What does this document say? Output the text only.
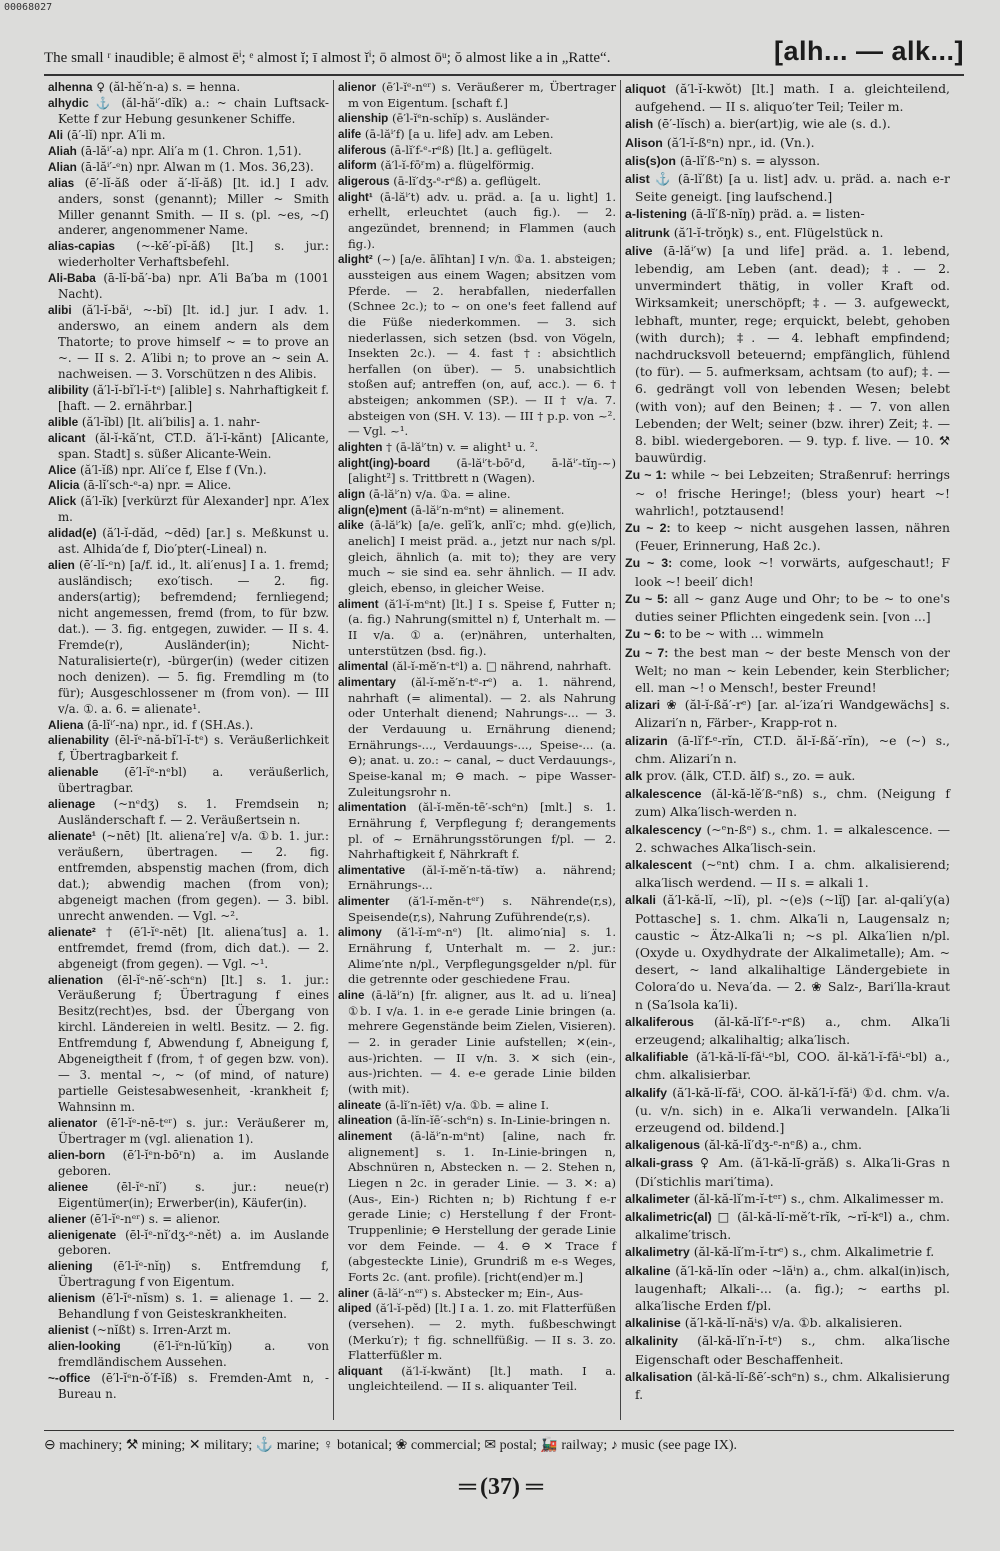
00068027
The small ʳ inaudible; ē almost ēⁱ; ᵉ almost ĭ; ī almost ĭⁱ; ō almost ōᵘ; ŏ almost like a in „Ratte“.	[alh... — alk...]

alhenna ♀ (ăl-hĕ′n-a) s. = henna.

alhydic ⚓ (ăl-hăⁱ′-dĭk) a.: ~ chain Luftsack-Kette f zur Hebung gesunkener Schiffe.

Ali (ā′-lĭ) npr. A′li m.

Aliah (ā-lăⁱ′-a) npr. Ali′a m (1. Chron. 1,51).

Alian (ā-lăⁱ′-ᵉn) npr. Alwan m (1. Mos. 36,23).

alias (ē′-lĭ-ăß oder ă′-lĭ-ăß) [lt. id.] I adv. anders, sonst (genannt); Miller ~ Smith Miller genannt Smith. — II s. (pl. ~es, ~ſ) anderer, angenommener Name.

alias-capias (~-kē′-pĭ-ăß) [lt.] s. jur.: wiederholter Verhaftsbefehl.

Ali-Baba (ā-lĭ-bă′-ba) npr. A′li Ba′ba m (1001 Nacht).

alibi (ă′l-ĭ-băⁱ, ~-bĭ) [lt. id.] jur. I adv. 1. anderswo, an einem andern als dem Thatorte; to prove himself ~ = to prove an ~. — II s. 2. A′libi n; to prove an ~ sein A. nachweisen. — 3. Vorschützen n des Alibis.

alibility (ă′l-ĭ-bĭ′l-ĭ-tᵉ) [alible] s. Nahrhaftigkeit f. [haft. — 2. ernährbar.]

alible (ă′l-ĭbl) [lt. ali′bilis] a. 1. nahr-

alicant (ăl-ĭ-kă′nt, CT.D. ă′l-ĭ-kănt) [Alicante, span. Stadt] s. süßer Alicante-Wein.

Alice (ă′l-ĭß) npr. Ali′ce f, Else f (Vn.).

Alicia (ā-lĭ′sch-ᵉ-a) npr. = Alice.

Alick (ă′l-ĭk) [verkürzt für Alexander] npr. A′lex m.

alidad(e) (ă′l-ĭ-dăd, ~dēd) [ar.] s. Meßkunst u. ast. Alhida′de f, Dio′pter(-Lineal) n.

alien (ē′-lĭ-ᵉn) [a/f. id., lt. ali′enus] I a. 1. fremd; ausländisch; exo′tisch. — 2. fig. anders(artig); befremdend; fernliegend; nicht angemessen, fremd (from, to für bzw. dat.). — 3. fig. entgegen, zuwider. — II s. 4. Fremde(r), Ausländer(in); Nicht-Naturalisierte(r), -bürger(in) (weder citizen noch denizen). — 5. fig. Fremdling m (to für); Ausgeschlossener m (from von). — III v/a. ①. a. 6. = alienate¹.

Aliena (ā-lĭⁱ′-na) npr., id. f (SH.As.).

alienability (ēl-ĭᵉ-nă-bĭ′l-ĭ-tᵉ) s. Veräußerlichkeit f, Übertragbarkeit f.

alienable (ē′l-ĭᵉ-nᵉbl) a. veräußerlich, übertragbar.

alienage (~nᵉdʒ) s. 1. Fremdsein n; Ausländerschaft f. — 2. Veräußertsein n.

alienate¹ (~nēt) [lt. aliena′re] v/a. ①b. 1. jur.: veräußern, übertragen. — 2. fig. entfremden, abspenstig machen (from, dich dat.); abwendig machen (from von); abgeneigt machen (from gegen). — 3. bibl. unrecht anwenden. — Vgl. ~².

alienate² † (ē′l-ĭᵉ-nēt) [lt. aliena′tus] a. 1. entfremdet, fremd (from, dich dat.). — 2. abgeneigt (from gegen). — Vgl. ~¹.

alienation (ēl-ĭᵉ-nē′-schᵉn) [lt.] s. 1. jur.: Veräußerung f; Übertragung f eines Besitz(recht)es, bsd. der Übergang von kirchl. Ländereien in weltl. Besitz. — 2. fig. Entfremdung f, Abwendung f, Abneigung f, Abgeneigtheit f (from, † of gegen bzw. von). — 3. mental ~, ~ (of mind, of nature) partielle Geistesabwesenheit, -krankheit f; Wahnsinn m.

alienator (ē′l-ĭᵉ-nē-tᵉʳ) s. jur.: Veräußerer m, Übertrager m (vgl. alienation 1).

alien-born (ē′l-ĭᵉn-bōʳn) a. im Auslande geboren.

alienee (ēl-ĭᵉ-nĭ′) s. jur.: neue(r) Eigentümer(in); Erwerber(in), Käufer(in).

aliener (ē′l-ĭᵉ-nᵉʳ) s. = alienor.

alienigenate (ēl-ĭᵉ-nĭ′dʒ-ᵉ-nĕt) a. im Auslande geboren.

aliening (ē′l-ĭᵉ-nĭŋ) s. Entfremdung f, Übertragung f von Eigentum.

alienism (ē′l-ĭᵉ-nĭsm) s. 1. = alienage 1. — 2. Behandlung f von Geisteskrankheiten.

alienist (~nĭßt) s. Irren-Arzt m.

alien-looking	(ē′l-ĭᵉn-lŭ′kĭŋ) a. von fremdländischem Aussehen.

~-office (ē′l-ĭᵉn-ŏ′f-ĭß) s. Fremden-Amt n, -Bureau n.

alienor (ē′l-ĭᵉ-nᵉʳ) s. Veräußerer m, Übertrager m von Eigentum. [schaft f.]

alienship (ē′l-ĭᵉn-schĭp) s. Ausländer-

alife (ā-lăⁱ′f) [a u. life] adv. am Leben.

aliferous (ā-lĭ′f-ᵉ-rᵉß) [lt.] a. geflügelt.

aliform (ă′l-ĭ-fōʳm) a. flügelförmig.

aligerous (ā-lĭ′dʒ-ᵉ-rᵉß) a. geflügelt.

alight¹ (ā-lăⁱ′t) adv. u. präd. a. [a u. light] 1. erhellt, erleuchtet (auch fig.). — 2. angezündet, brennend; in Flammen (auch fig.).

alight² (~) [a/e. ālīhtan] I v/n. ①a. 1. absteigen; aussteigen aus einem Wagen; absitzen vom Pferde. — 2. herabfallen, niederfallen (Schnee 2c.); to ~ on one's feet fallend auf die Füße niederkommen. — 3. sich niederlassen, sich setzen (bsd. von Vögeln, Insekten 2c.). — 4. fast †: absichtlich herfallen (on über). — 5. unabsichtlich stoßen auf; antreffen (on, auf, acc.). — 6. † absteigen; ankommen (SP.). — II † v/a. 7. absteigen von (SH. V. 13). — III † p.p. von ~². — Vgl. ~¹.

alighten † (ā-lăⁱ′tn) v. = alight¹ u. ².

alight(ing)-board (ā-lăⁱ′t-bōʳd, ā-lăⁱ′-tĭŋ-~) [alight²] s. Trittbrett n (Wagen).

align (ā-lăⁱ′n) v/a. ①a. = aline.

align(e)ment (ā-lăⁱ′n-mᵉnt) = alinement.

alike (ā-lăⁱ′k) [a/e. gelī′k, anlī′c; mhd. g(e)lich, anelich] I meist präd. a., jetzt nur nach s/pl. gleich, ähnlich (a. mit to); they are very much ~ sie sind ea. sehr ähnlich. — II adv. gleich, ebenso, in gleicher Weise.

aliment (ă′l-ĭ-mᵉnt) [lt.] I s. Speise f, Futter n; (a. fig.) Nahrung(smittel n) f, Unterhalt m. — II v/a. ①a. (er)nähren, unterhalten, unterstützen (bsd. fig.).

alimental (ăl-ĭ-mĕ′n-tᵉl) a. □ nährend, nahrhaft.

alimentary (ăl-ĭ-mĕ′n-tᵉ-rᵉ) a. 1. nährend, nahrhaft (= alimental). — 2. als Nahrung oder Unterhalt dienend; Nahrungs-... — 3. der Verdauung u. Ernährung dienend; Ernährungs-..., Verdauungs-..., Speise-... (a. ⊖); anat. u. zo.: ~ canal, ~ duct Verdauungs-, Speise-kanal m; ⊖ mach. ~ pipe Wasser-Zuleitungsrohr n.

alimentation (ăl-ĭ-mĕn-tē′-schᵉn) [mlt.] s. 1. Ernährung f, Verpflegung f; derangements pl. of ~ Ernährungsstörungen f/pl. — 2. Nahrhaftigkeit f, Nährkraft f.

alimentative (ăl-ĭ-mĕ′n-tă-tĭw) a. nährend; Ernährungs-...

alimenter (ă′l-ĭ-mĕn-tᵉʳ) s. Nährende(r,s), Speisende(r,s), Nahrung Zuführende(r,s).

alimony (ă′l-ĭ-mᵉ-nᵉ) [lt. alimo′nia] s. 1. Ernährung f, Unterhalt m. — 2. jur.: Alime′nte n/pl., Verpflegungsgelder n/pl. für die getrennte oder geschiedene Frau.

aline (ā-lăⁱ′n) [fr. aligner, aus lt. ad u. li′nea] ①b. I v/a. 1. in e-e gerade Linie bringen (a. mehrere Gegenstände beim Zielen, Visieren). — 2. in gerader Linie aufstellen; ✕(ein-, aus-)richten. — II v/n. 3. ✕ sich (ein-, aus-)richten. — 4. e-e gerade Linie bilden (with mit).

alineate (ā-lĭ′n-ĭēt) v/a. ①b. = aline I.

alineation (ā-lĭn-ĭē′-schᵉn) s. In-Linie-bringen n.

alinement (ā-lăⁱ′n-mᵉnt) [aline, nach fr. alignement] s. 1. In-Linie-bringen n, Abschnüren n, Abstecken n. — 2. Stehen n, Liegen n 2c. in gerader Linie. — 3. ✕: a) (Aus-, Ein-) Richten n; b) Richtung f e-r gerade Linie; c) Herstellung f der Front-Truppenlinie; ⊖ Herstellung der gerade Linie vor dem Feinde. — 4. ⊖ ✕ Trace f (abgesteckte Linie), Grundriß m e-s Weges, Forts 2c. (ant. profile). [richt(end)er m.]

aliner (ā-lăⁱ′-nᵉʳ) s. Abstecker m; Ein-, Aus-

aliped (ă′l-ĭ-pĕd) [lt.] I a. 1. zo. mit Flatterfüßen (versehen). — 2. myth. fußbeschwingt (Merku′r); † fig. schnellfüßig. — II s. 3. zo. Flatterfüßler m.

aliquant (ă′l-ĭ-kwănt) [lt.] math. I a. ungleichteilend. — II s. aliquanter Teil.

aliquot (ă′l-ĭ-kwŏt) [lt.] math. I a. gleichteilend, aufgehend. — II s. aliquo′ter Teil; Teiler m.

alish (ē′-lĭsch) a. bier(art)ig, wie ale (s. d.).

Alison (ă′l-ĭ-ßᵉn) npr., id. (Vn.).

alis(s)on (ā-lĭ′ß-ᵉn) s. = alysson.

alist ⚓ (ā-lĭ′ßt) [a u. list] adv. u. präd. a. nach e-r Seite geneigt. [ing laufschend.]

a-listening (ā-lĭ′ß-nĭŋ) präd. a. = listen-

alitrunk (ă′l-ĭ-trŏŋk) s., ent. Flügelstück n.

alive (ā-lăⁱ′w) [a und life] präd. a. 1. lebend, lebendig, am Leben (ant. dead); ‡. — 2. unvermindert thätig, in voller Kraft od. Wirksamkeit; unerschöpft; ‡. — 3. aufgeweckt, lebhaft, munter, rege; erquickt, belebt, gehoben (with durch); ‡. — 4. lebhaft empfindend; nachdrucksvoll beteuernd; empfänglich, fühlend (to für). — 5. aufmerksam, achtsam (to auf); ‡. — 6. gedrängt voll von lebenden Wesen; belebt (with von); auf den Beinen; ‡. — 7. von allen Lebenden; der Welt; seiner (bzw. ihrer) Zeit; ‡. — 8. bibl. wiedergeboren. — 9. typ. f. live. — 10. ⚒ bauwürdig.

Zu ~ 1: while ~ bei Lebzeiten; Straßenruf: herrings ~ o! frische Heringe!; (bless your) heart ~! wahrlich!, potztausend!

Zu ~ 2: to keep ~ nicht ausgehen lassen, nähren (Feuer, Erinnerung, Haß 2c.).

Zu ~ 3: come, look ~! vorwärts, aufgeschaut!; F look ~! beeil′ dich!

Zu ~ 5: all ~ ganz Auge und Ohr; to be ~ to one's duties seiner Pflichten eingedenk sein. [von ...]

Zu ~ 6: to be ~ with ... wimmeln

Zu ~ 7: the best man ~ der beste Mensch von der Welt; no man ~ kein Lebender, kein Sterblicher; ell. man ~! o Mensch!, bester Freund!

alizari ❀ (ăl-ĭ-ßă′-rᵉ) [ar. al-′iza′ri Wandgewächs] s. Alizari′n n, Färber-, Krapp-rot n.

alizarin (ā-lĭ′f-ᵉ-rĭn, CT.D. ăl-ĭ-ßă′-rĭn), ~e (~) s., chm. Alizari′n n.

alk prov. (ălk, CT.D. ălf) s., zo. = auk.

alkalescence (ăl-kă-lĕ′ß-ᵉnß) s., chm. (Neigung f zum) Alka′lisch-werden n.

alkalescency (~ᵉn-ßᵉ) s., chm. 1. = alkalescence. — 2. schwaches Alka′lisch-sein.

alkalescent (~ᵉnt) chm. I a. chm. alkalisierend; alka′lisch werdend. — II s. = alkali 1.

alkali (ă′l-kă-lĭ, ~lĭ), pl. ~(e)s (~lĭʃ) [ar. al-qali′y(a) Pottasche] s. 1. chm. Alka′li n, Laugensalz n; caustic ~ Ätz-Alka′li n; ~s pl. Alka′lien n/pl. (Oxyde u. Oxydhydrate der Alkalimetalle); Am. ~ desert, ~ land alkalihaltige Ländergebiete in Colora′do u. Neva′da. — 2. ❀ Salz-, Bari′lla-kraut n (Sa′lsola ka′li).

alkaliferous (ăl-kă-lĭ′f-ᵉ-rᵉß) a., chm. Alka′li erzeugend; alkalihaltig; alka′lisch.

alkalifiable (ă′l-kă-lĭ-făⁱ-ᵉbl, COO. ăl-kă′l-ĭ-făⁱ-ᵉbl) a., chm. alkalisierbar.

alkalify (ă′l-kă-lĭ-făⁱ, COO. ăl-kă′l-ĭ-făⁱ) ①d. chm. v/a. (u. v/n. sich) in e. Alka′li verwandeln. [Alka′li erzeugend od. bildend.]

alkaligenous (ăl-kă-lĭ′dʒ-ᵉ-nᵉß) a., chm.

alkali-grass ♀ Am. (ă′l-kă-lĭ-grăß) s. Alka′li-Gras n (Di′stichlis mari′tima).

alkalimeter (ăl-kă-lĭ′m-ĭ-tᵉʳ) s., chm. Alkalimesser m.

alkalimetric(al) □ (ăl-kă-lĭ-mĕ′t-rĭk, ~rĭ-kᵉl) a., chm. alkalime′trisch.

alkalimetry (ăl-kă-lĭ′m-ĭ-trᵉ) s., chm. Alkalimetrie f.

alkaline (ă′l-kă-lĭn oder ~lăⁱn) a., chm. alkal(in)isch, laugenhaft; Alkali-... (a. fig.); ~ earths pl. alka′lische Erden f/pl.

alkalinise (ă′l-kă-lĭ-năⁱs) v/a. ①b. alkalisieren.

alkalinity (ăl-kă-lĭ′n-ĭ-tᵉ) s., chm. alka′lische Eigenschaft oder Beschaffenheit.

alkalisation (ăl-kă-lĭ-ßē′-schᵉn) s., chm. Alkalisierung f.

⊖ machinery; ⚒ mining; ✕ military; ⚓ marine; ♀ botanical; ❀ commercial; ✉ postal; 🚂 railway; ♪ music (see page IX).
═ (37) ═
